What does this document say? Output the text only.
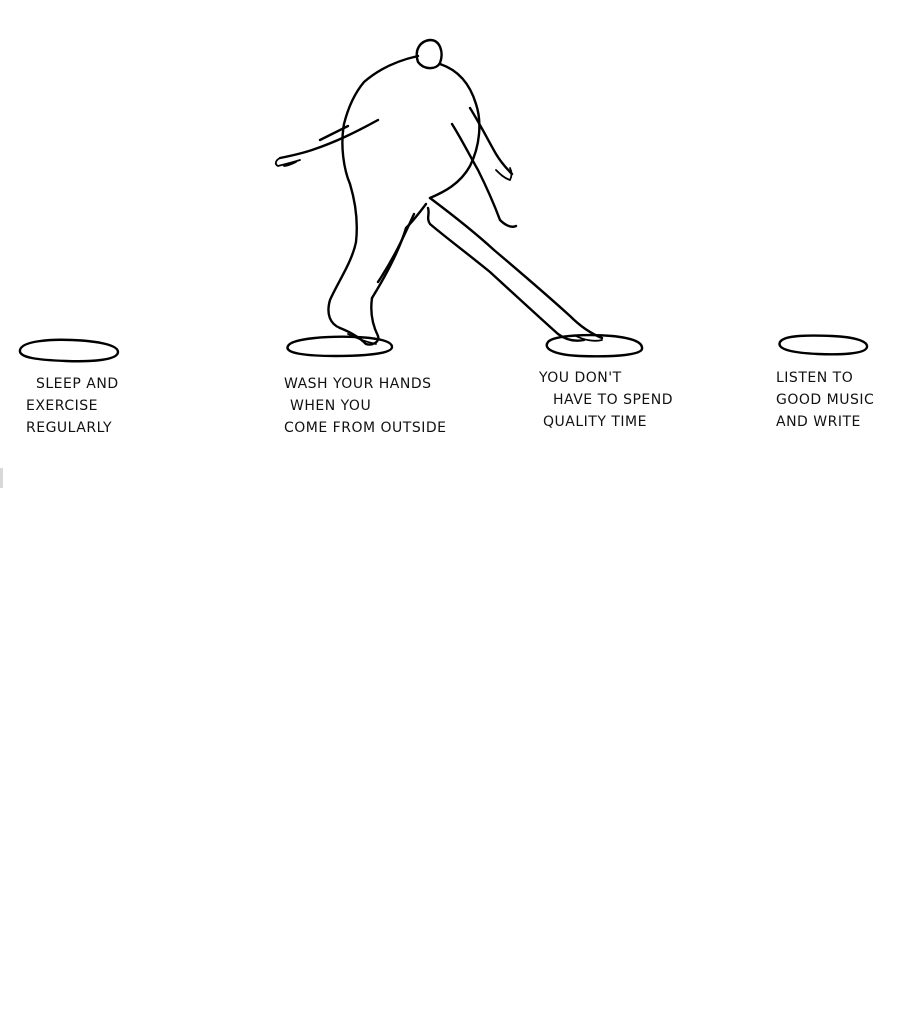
SLEEP AND
EXERCISE
REGULARLY
WASH YOUR HANDS
WHEN YOU
COME FROM OUTSIDE
YOU DON'T
HAVE TO SPEND
QUALITY TIME
LISTEN TO
GOOD MUSIC
AND WRITE
